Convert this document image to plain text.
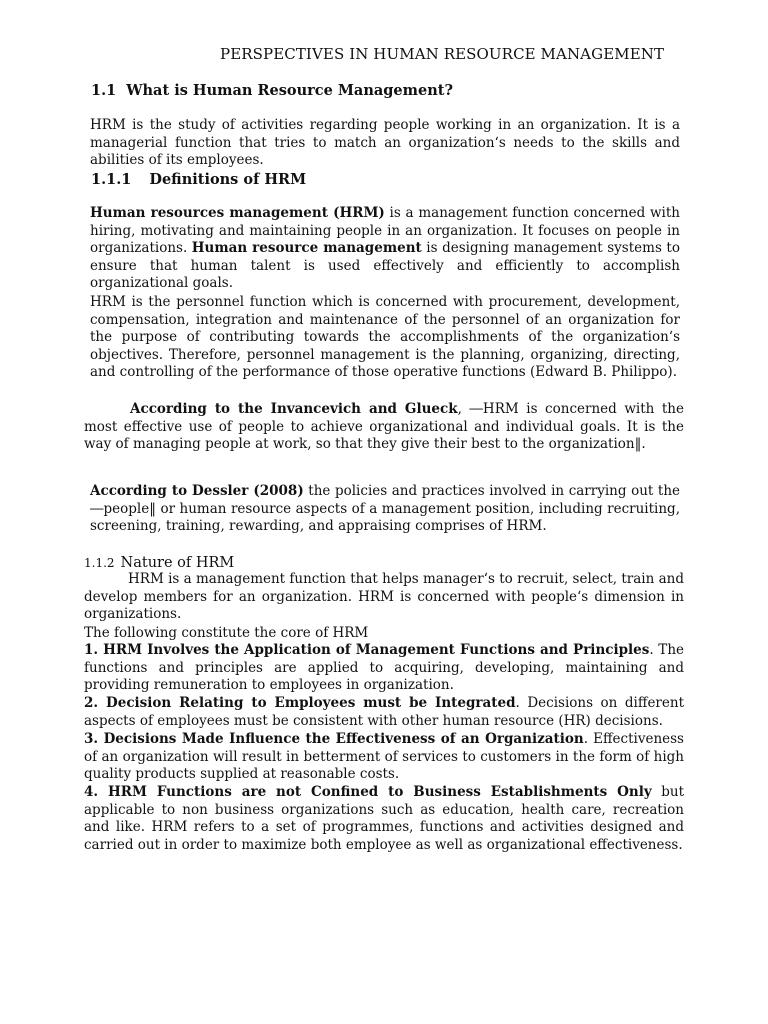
PERSPECTIVES IN HUMAN RESOURCE MANAGEMENT
1.1 What is Human Resource Management?
HRM is the study of activities regarding people working in an organization. It is a managerial function that tries to match an organization‘s needs to the skills and abilities of its employees.
1.1.1 Definitions of HRM
Human resources management (HRM) is a management function concerned with hiring, motivating and maintaining people in an organization. It focuses on people in organizations. Human resource management is designing management systems to ensure that human talent is used effectively and efficiently to accomplish organizational goals.
HRM is the personnel function which is concerned with procurement, development, compensation, integration and maintenance of the personnel of an organization for the purpose of contributing towards the accomplishments of the organization‘s objectives. Therefore, personnel management is the planning, organizing, directing, and controlling of the performance of those operative functions (Edward B. Philippo).
According to the Invancevich and Glueck, ―HRM is concerned with the most effective use of people to achieve organizational and individual goals. It is the way of managing people at work, so that they give their best to the organization‖.
According to Dessler (2008) the policies and practices involved in carrying out the ―people‖ or human resource aspects of a management position, including recruiting, screening, training, rewarding, and appraising comprises of HRM.
1.1.2 Nature of HRM
HRM is a management function that helps manager‘s to recruit, select, train and develop members for an organization. HRM is concerned with people‘s dimension in organizations.
The following constitute the core of HRM
1. HRM Involves the Application of Management Functions and Principles. The functions and principles are applied to acquiring, developing, maintaining and providing remuneration to employees in organization.
2. Decision Relating to Employees must be Integrated. Decisions on different aspects of employees must be consistent with other human resource (HR) decisions.
3. Decisions Made Influence the Effectiveness of an Organization. Effectiveness of an organization will result in betterment of services to customers in the form of high quality products supplied at reasonable costs.
4. HRM Functions are not Confined to Business Establishments Only but applicable to non business organizations such as education, health care, recreation and like. HRM refers to a set of programmes, functions and activities designed and carried out in order to maximize both employee as well as organizational effectiveness.
